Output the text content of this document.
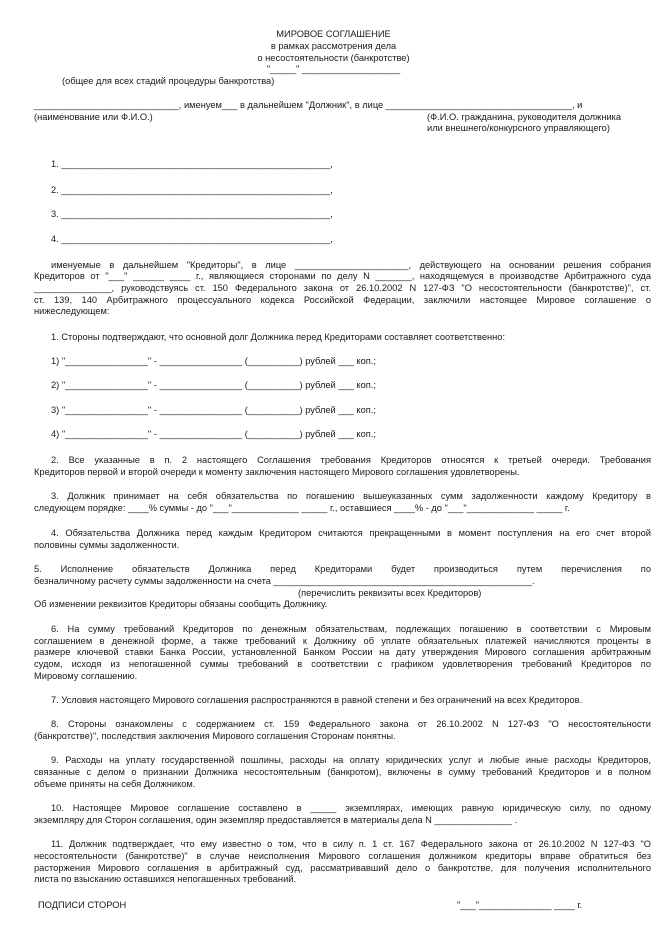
МИРОВОЕ СОГЛАШЕНИЕ
в рамках рассмотрения дела
о несостоятельности (банкротстве)
"_____" ___________________
(общее для всех стадий процедуры банкротства)
____________________________, именуем___ в дальнейшем "Должник", в лице ____________________________________, и
(наименование или Ф.И.О.)	(Ф.И.О. гражданина, руководителя должника
или внешнего/конкурсного управляющего)
1. ____________________________________________________,
2. ____________________________________________________,
3. ____________________________________________________,
4. ____________________________________________________,
именуемые в дальнейшем "Кредиторы", в лице ______________________, действующего на основании решения собрания
Кредиторов от "___" ______ ____ г., являющиеся сторонами по делу N _______, находящемуся в производстве Арбитражного суда
_______________, руководствуясь ст. 150 Федерального закона от 26.10.2002 N 127-ФЗ "О несостоятельности (банкротстве)", ст.
ст. 139, 140 Арбитражного процессуального кодекса Российской Федерации, заключили настоящее Мировое соглашение о
нижеследующем:
1. Стороны подтверждают, что основной долг Должника перед Кредиторами составляет соответственно:
1) "________________" - ________________ (__________) рублей ___ коп.;
2) "________________" - ________________ (__________) рублей ___ коп.;
3) "________________" - ________________ (__________) рублей ___ коп.;
4) "________________" - ________________ (__________) рублей ___ коп.;
2. Все указанные в п. 2 настоящего Соглашения требования Кредиторов относятся к третьей очереди. Требования
Кредиторов первой и второй очереди к моменту заключения настоящего Мирового соглашения удовлетворены.
3. Должник принимает на себя обязательства по погашению вышеуказанных сумм задолженности каждому Кредитору в
следующем порядке: ____% суммы - до "___"_____________ _____ г., оставшиеся ____% - до "___"_____________ _____ г.
4. Обязательства Должника перед каждым Кредитором считаются прекращенными в момент поступления на его счет второй
половины суммы задолженности.
5. Исполнение обязательств Должника перед Кредиторами будет производиться путем перечисления по
безналичному расчету суммы задолженности на счета __________________________________________________.
(перечислить реквизиты всех Кредиторов)
Об изменении реквизитов Кредиторы обязаны сообщить Должнику.
6. На сумму требований Кредиторов по денежным обязательствам, подлежащих погашению в соответствии с Мировым
соглашением в денежной форме, а также требований к Должнику об уплате обязательных платежей начисляются проценты в
размере ключевой ставки Банка России, установленной Банком России на дату утверждения Мирового соглашения арбитражным
судом, исходя из непогашенной суммы требований в соответствии с графиком удовлетворения требований Кредиторов по
Мировому соглашению.
7. Условия настоящего Мирового соглашения распространяются в равной степени и без ограничений на всех Кредиторов.
8. Стороны ознакомлены с содержанием ст. 159 Федерального закона от 26.10.2002 N 127-ФЗ "О несостоятельности
(банкротстве)", последствия заключения Мирового соглашения Сторонам понятны.
9. Расходы на уплату государственной пошлины, расходы на оплату юридических услуг и любые иные расходы Кредиторов,
связанные с делом о признании Должника несостоятельным (банкротом), включены в сумму требований Кредиторов и в полном
объеме приняты на себя Должником.
10. Настоящее Мировое соглашение составлено в _____ экземплярах, имеющих равную юридическую силу, по одному
экземпляру для Сторон соглашения, один экземпляр предоставляется в материалы дела N _______________ .
11. Должник подтверждает, что ему известно о том, что в силу п. 1 ст. 167 Федерального закона от 26.10.2002 N 127-ФЗ "О
несостоятельности (банкротстве)" в случае неисполнения Мирового соглашения должником кредиторы вправе обратиться без
расторжения Мирового соглашения в арбитражный суд, рассматривавший дело о банкротстве, для получения исполнительного
листа по взысканию оставшихся непогашенных требований.
ПОДПИСИ СТОРОН	"___"______________ ____ г.
